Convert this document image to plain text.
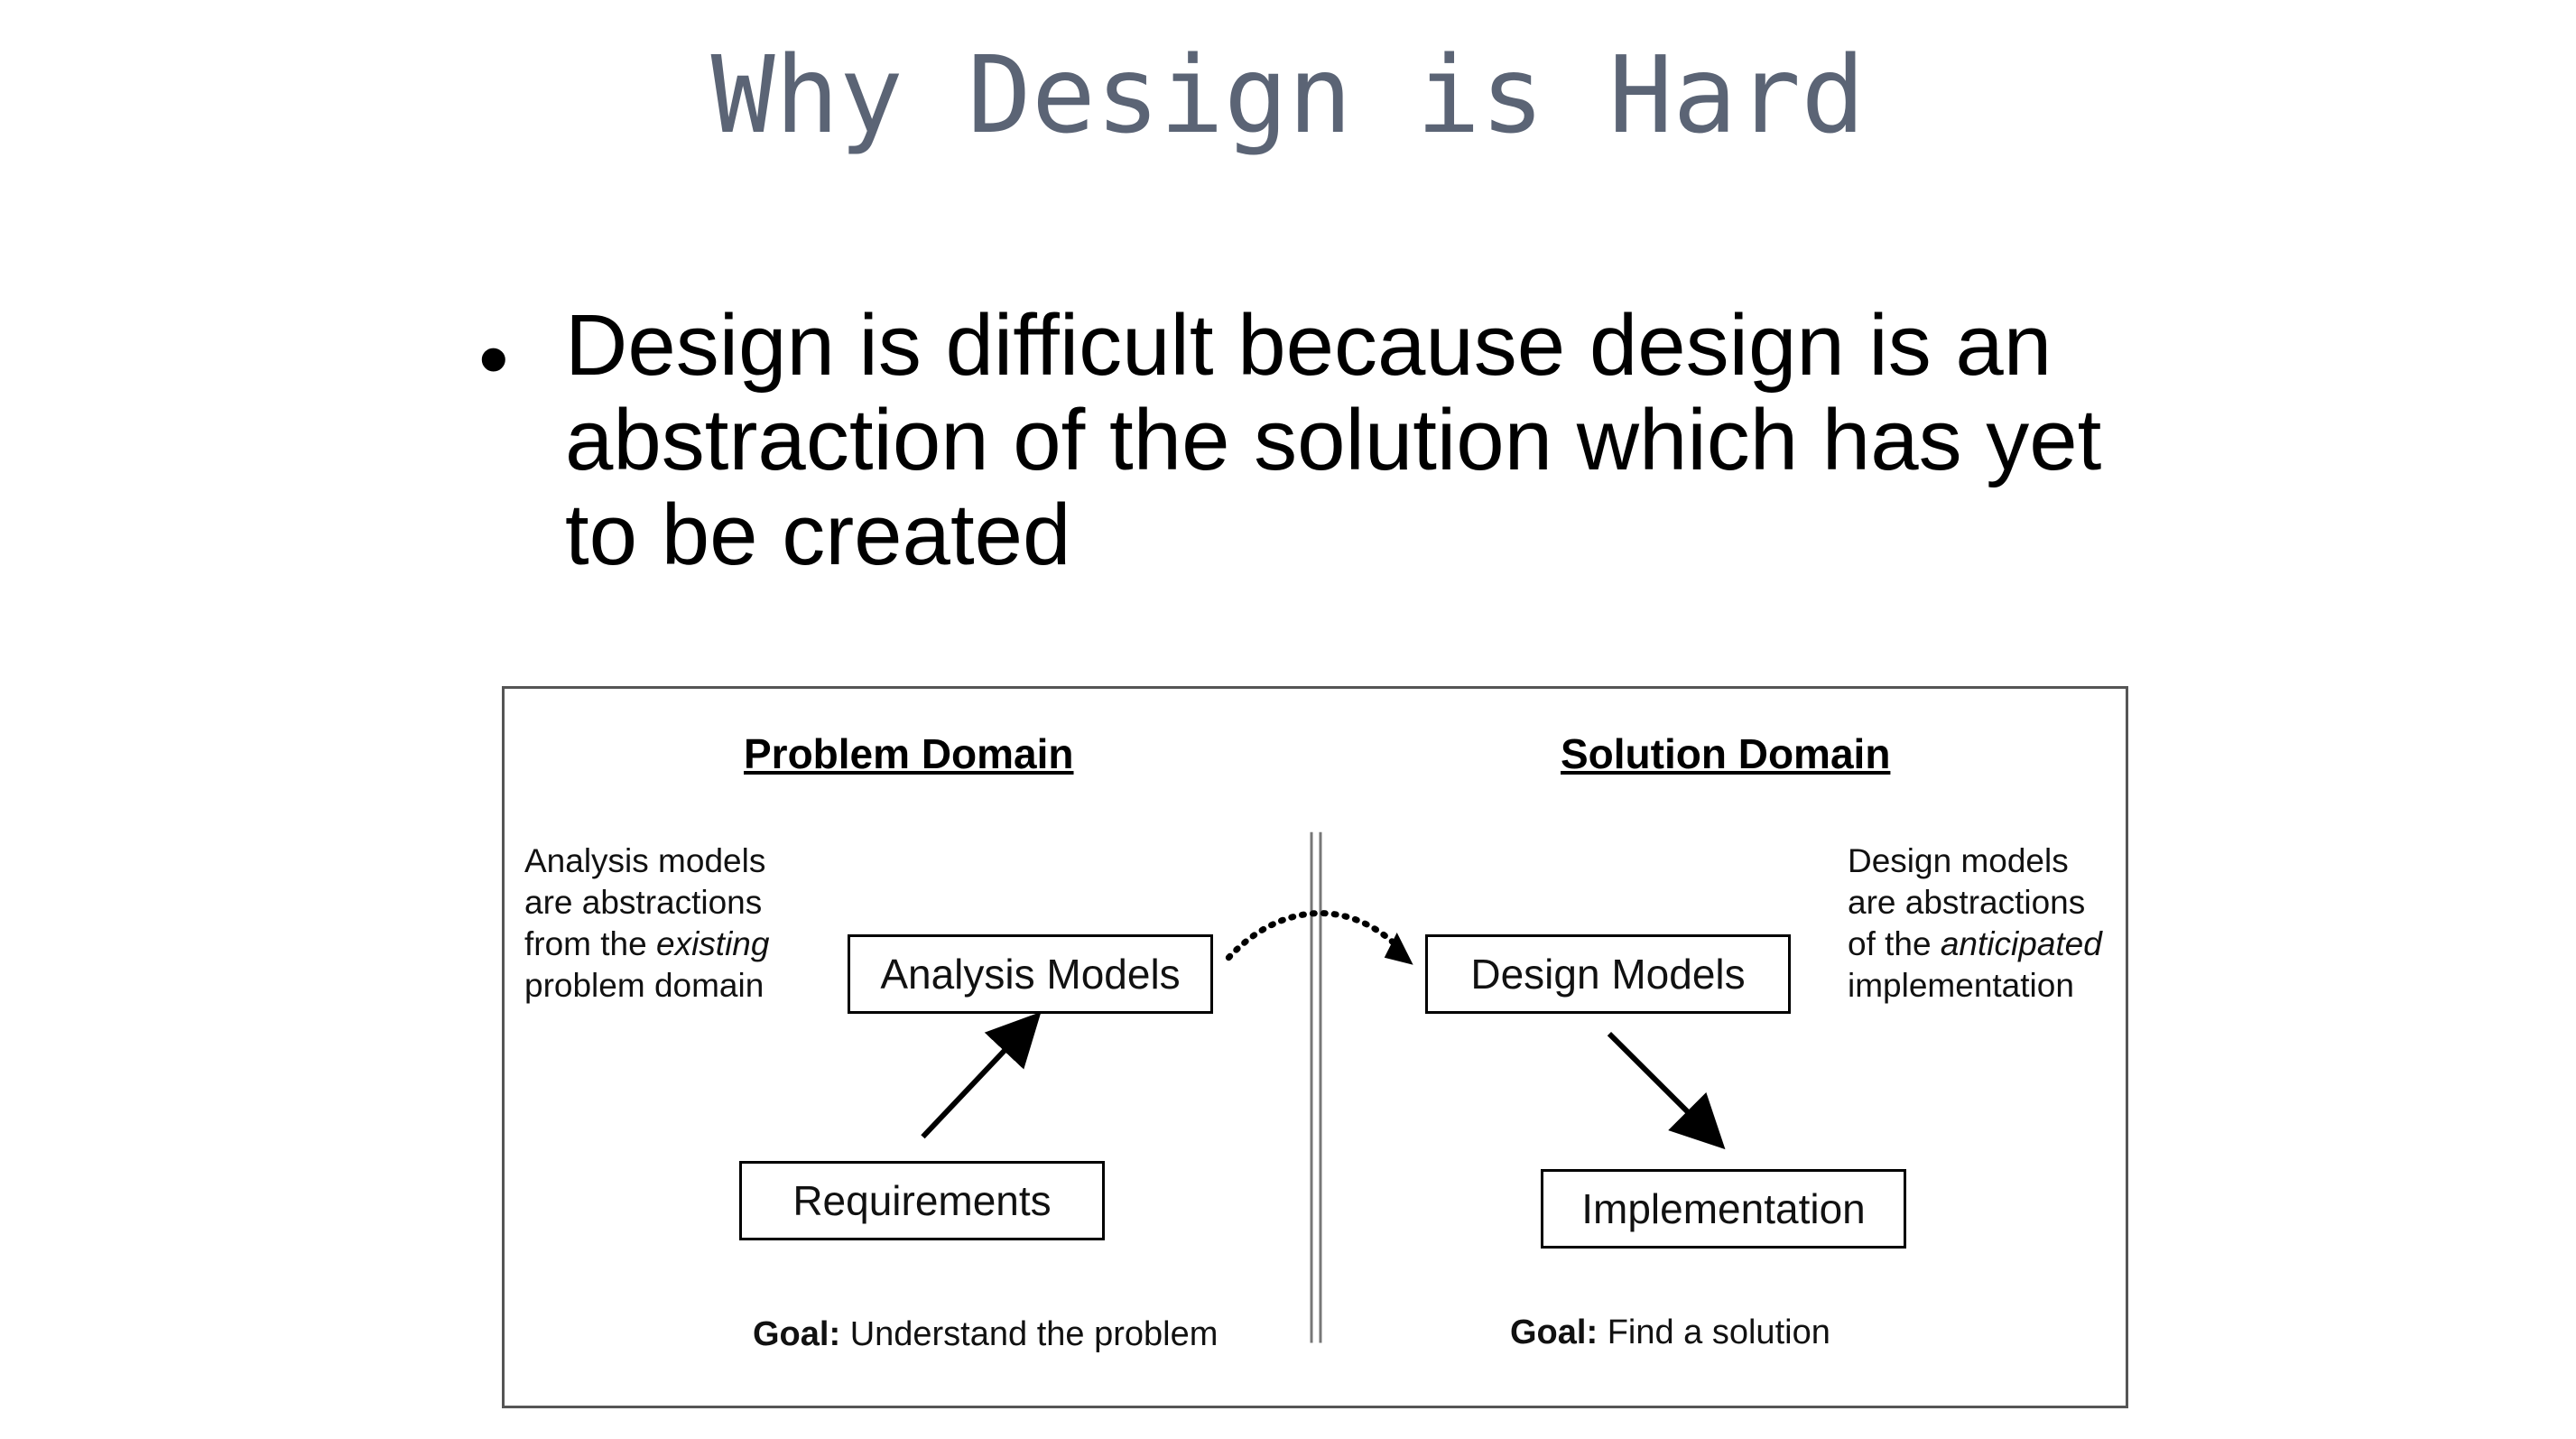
Why Design is Hard
• Design is difficult because design is an abstraction of the solution which has yet to be created
Problem Domain	Solution Domain
Analysis models
are abstractions
from the existing
problem domain
Design models
are abstractions
of the anticipated
implementation
Analysis Models
Requirements
Design Models
Implementation
Goal: Understand the problem	Goal: Find a solution
